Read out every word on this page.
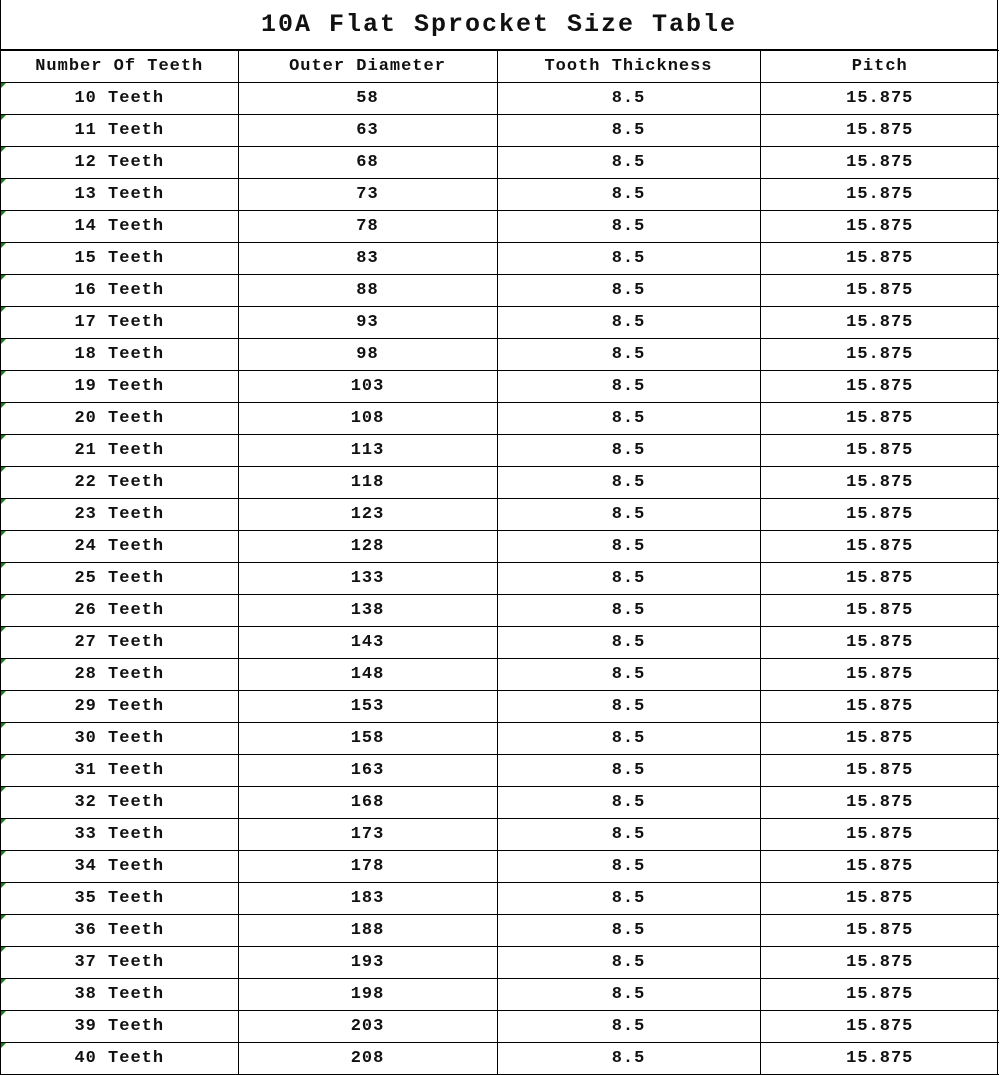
10A Flat Sprocket Size Table
Number Of Teeth	Outer Diameter	Tooth Thickness	Pitch
10 Teeth	58	8.5	15.875
11 Teeth	63	8.5	15.875
12 Teeth	68	8.5	15.875
13 Teeth	73	8.5	15.875
14 Teeth	78	8.5	15.875
15 Teeth	83	8.5	15.875
16 Teeth	88	8.5	15.875
17 Teeth	93	8.5	15.875
18 Teeth	98	8.5	15.875
19 Teeth	103	8.5	15.875
20 Teeth	108	8.5	15.875
21 Teeth	113	8.5	15.875
22 Teeth	118	8.5	15.875
23 Teeth	123	8.5	15.875
24 Teeth	128	8.5	15.875
25 Teeth	133	8.5	15.875
26 Teeth	138	8.5	15.875
27 Teeth	143	8.5	15.875
28 Teeth	148	8.5	15.875
29 Teeth	153	8.5	15.875
30 Teeth	158	8.5	15.875
31 Teeth	163	8.5	15.875
32 Teeth	168	8.5	15.875
33 Teeth	173	8.5	15.875
34 Teeth	178	8.5	15.875
35 Teeth	183	8.5	15.875
36 Teeth	188	8.5	15.875
37 Teeth	193	8.5	15.875
38 Teeth	198	8.5	15.875
39 Teeth	203	8.5	15.875
40 Teeth	208	8.5	15.875
